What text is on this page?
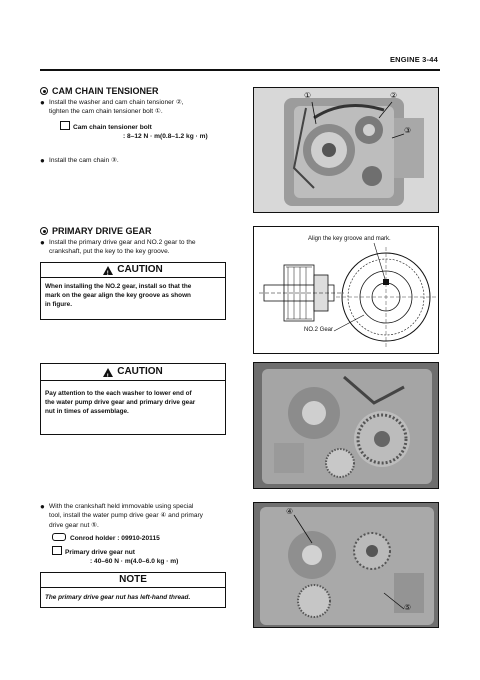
ENGINE 3-44
CAM CHAIN TENSIONER
● Install the washer and cam chain tensioner ②,
tighten the cam chain tensioner bolt ①.
Cam chain tensioner bolt
: 8–12 N · m(0.8–1.2 kg · m)
● Install the cam chain ③.
①	②
③
PRIMARY DRIVE GEAR
● Install the primary drive gear and NO.2 gear to the
crankshaft, put the key to the key groove.
!
CAUTION
When installing the NO.2 gear, install so that the
mark on the gear align the key groove as shown
in figure.
Align the key groove and mark.
NO.2 Gear
!
CAUTION
Pay attention to the each washer to lower end of
the water pump drive gear and primary drive gear
nut in times of assemblage.
● With the crankshaft held immovable using special
tool, install the water pump drive gear ④ and primary
drive gear nut ⑤.
Conrod holder : 09910-20115
Primary drive gear nut
: 40–60 N · m(4.0–6.0 kg · m)
NOTE
The primary drive gear nut has left-hand thread.
④
⑤
